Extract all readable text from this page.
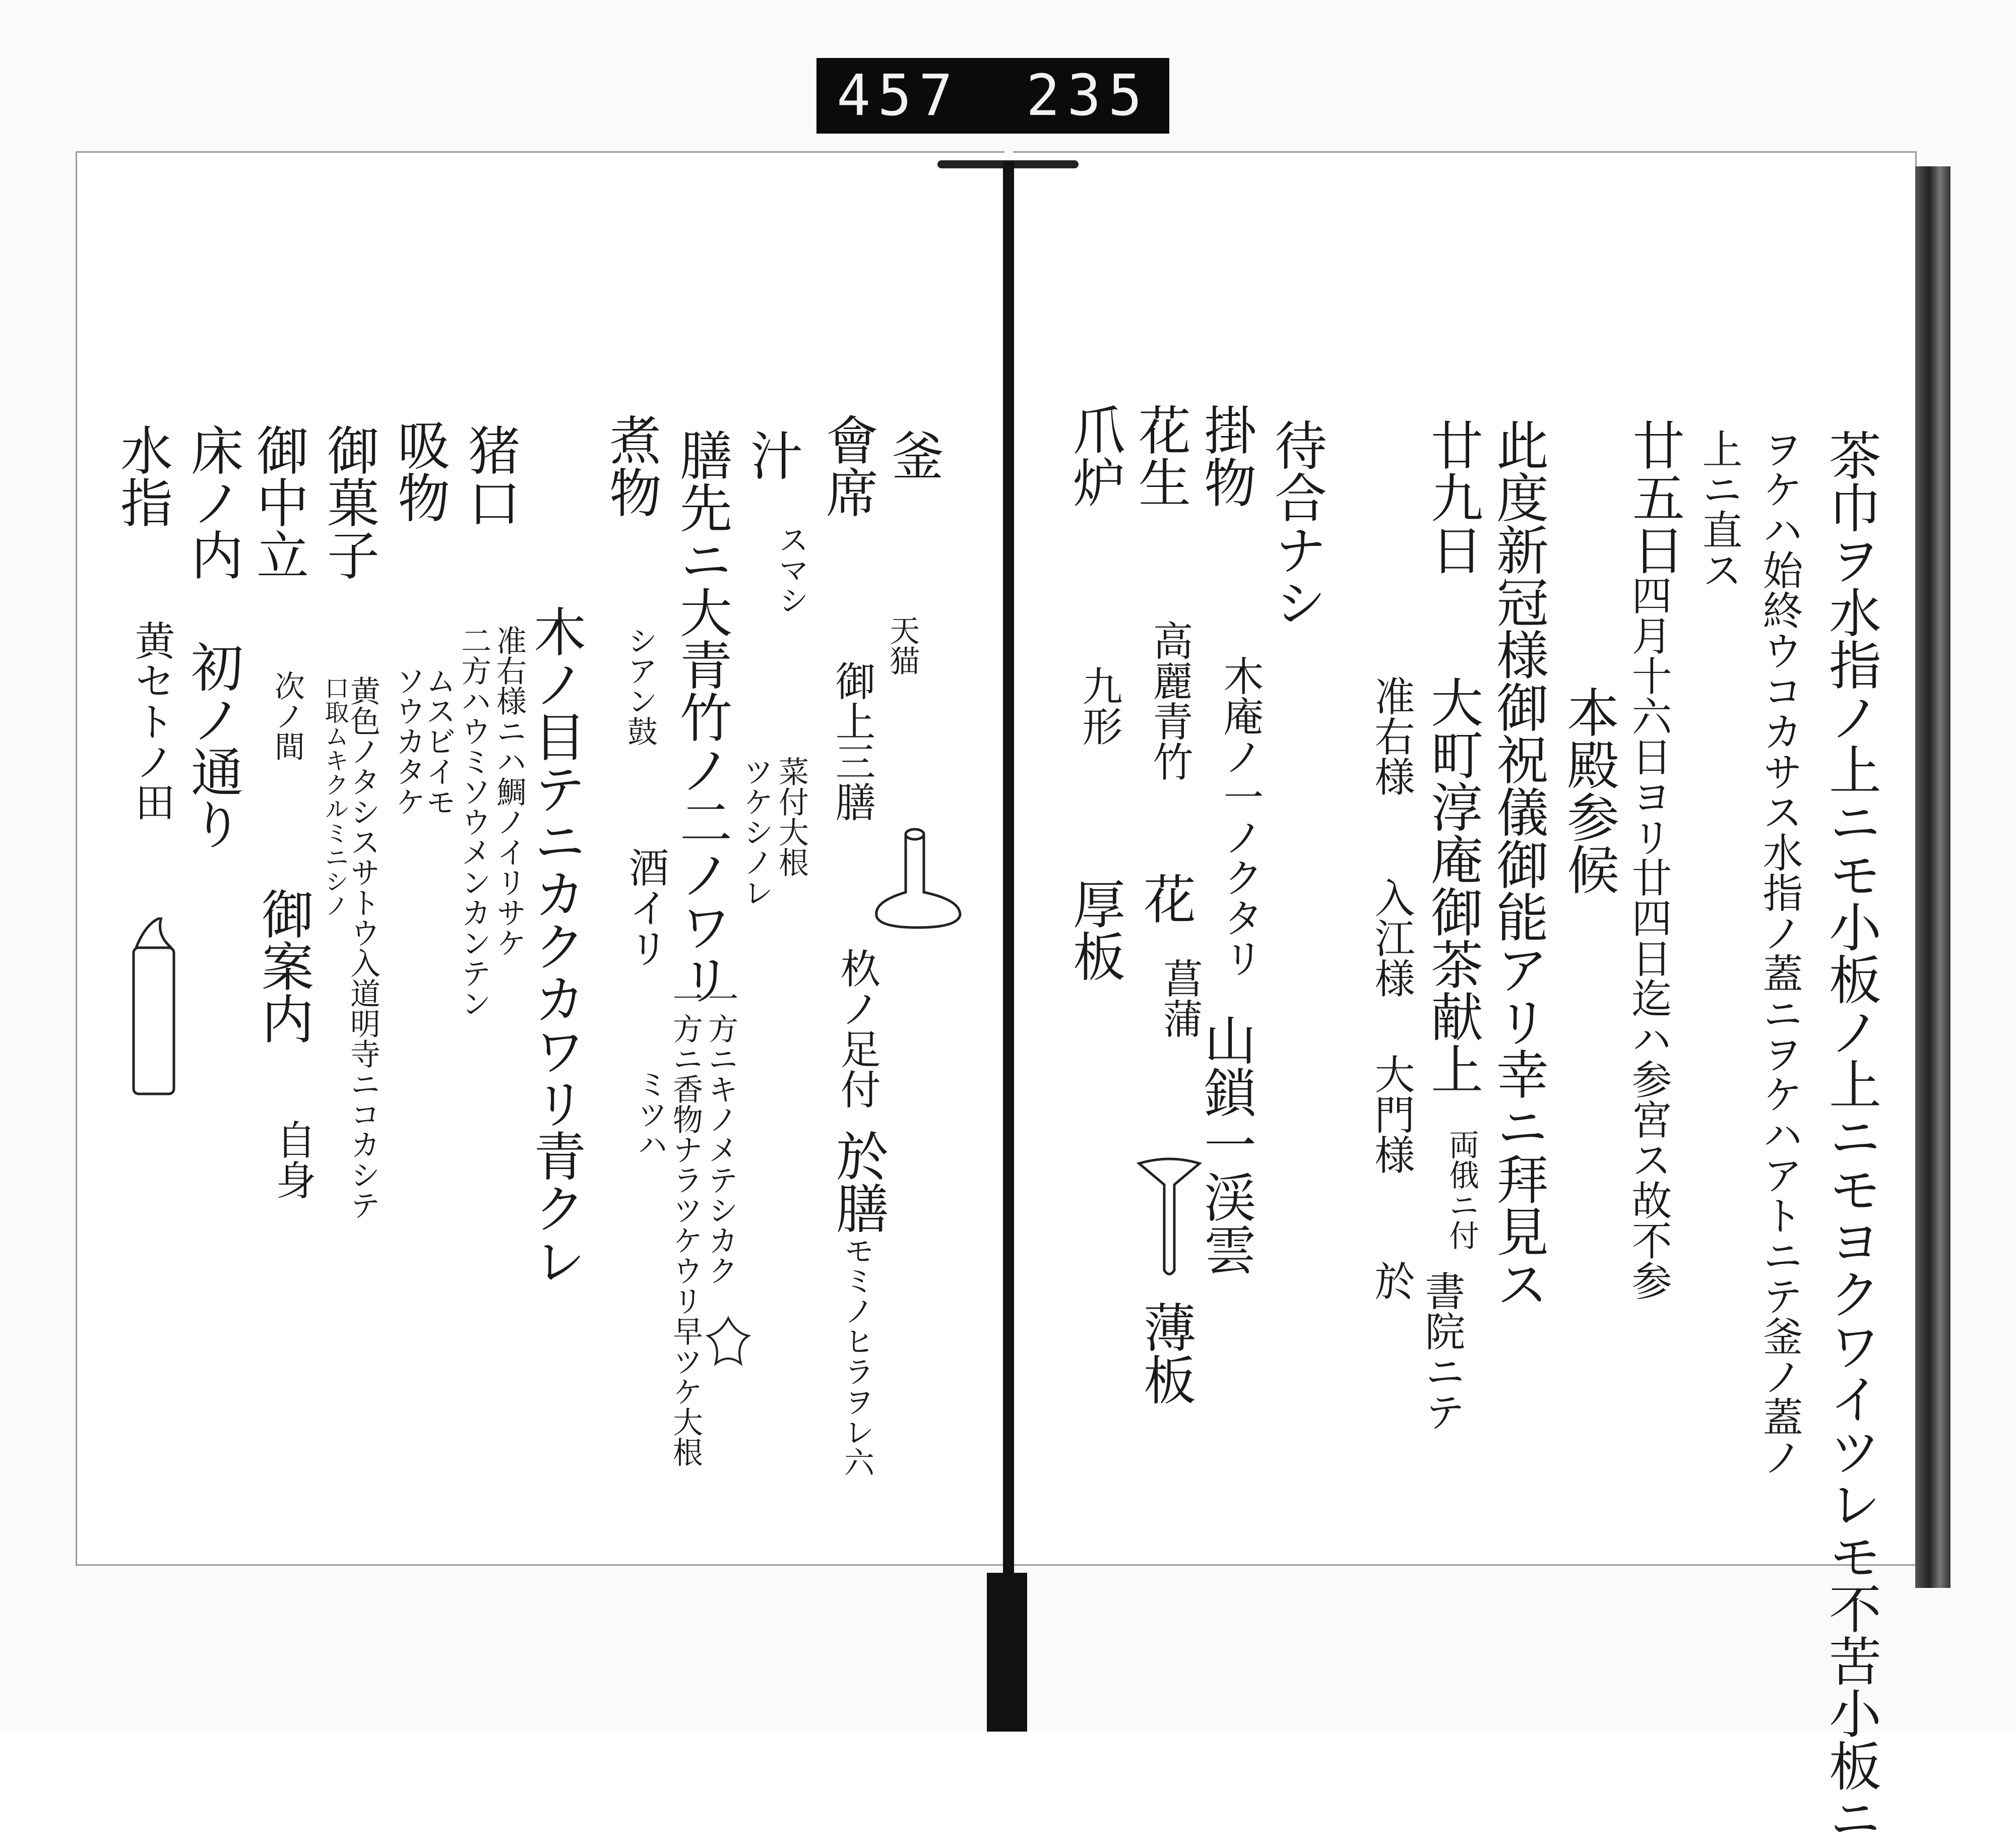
457 235
茶巾ヲ水指ノ上ニモ小板ノ上ニモヨクワイツレモ不苦小板ニ
ヲケハ始終ウコカサス水指ノ蓋ニヲケハアトニテ釜ノ蓋ノ
上ニ直ス
廿五日
四月十六日ヨリ廿四日迄ハ参宮ス故不参
本殿参候
此度新冠様御祝儀御能アリ幸ニ拜見ス
廿九日
大町淳庵御茶献上
両俄ニ付
書院ニテ
准右様
入江様
大門様
於
待合ナシ
掛物
木庵ノ一ノクタリ
山鎖一渓雲
花生
高麗青竹
花
菖蒲
薄板
爪炉
九形
厚板
釜
天猫
會席
御上三膳
杦ノ足付
於膳
モミノヒラヲレ六
汁
スマシ
菜付大根
ツケシノレ
膳先ニ大青竹ノ二ノワリ
シアン鼓
酒イリ
ミツハ 一方ニキノメテシカク
一方ニ香物ナラツケウリ早ツケ大根
煮物
木ノ目テニカクカワリ青クレ
猪口
准右様ニハ鯛ノイリサケ
二方ハウミソウメンカンテン
吸物
ムスビイモ
ソウカタケ
御菓子
黄色ノタシスサトウ入道明寺ニコカシテ
口取ムキクルミニシノ
御中立
次ノ間
御案内
自身
床ノ内
初ノ通り
水指
黄セトノ田
